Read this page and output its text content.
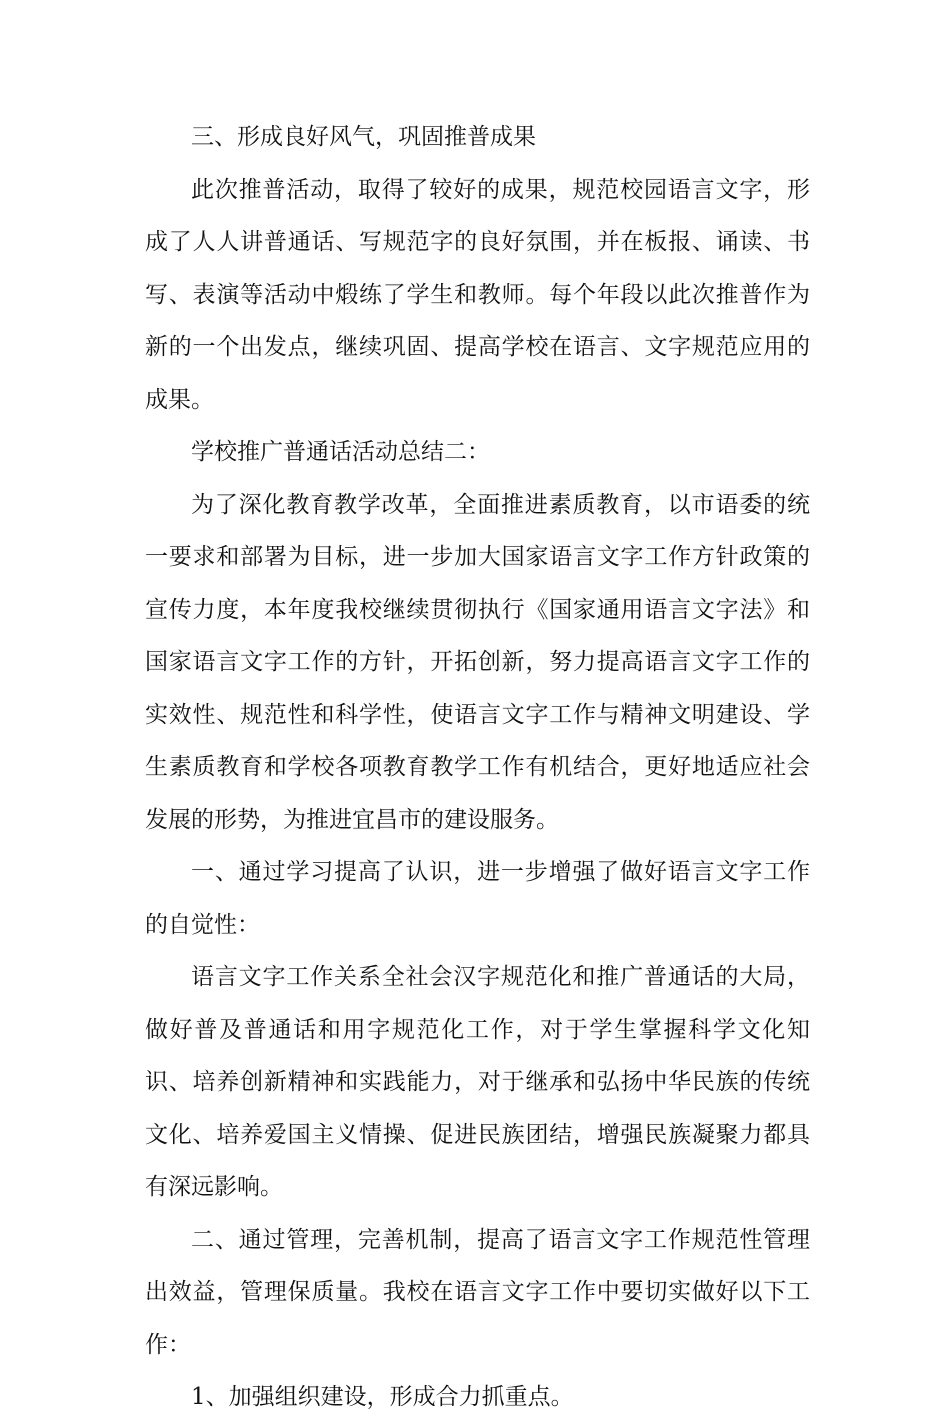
三、形成良好风气，巩固推普成果

此次推普活动，取得了较好的成果，规范校园语言文字，形成了人人讲普通话、写规范字的良好氛围，并在板报、诵读、书写、表演等活动中煅练了学生和教师。每个年段以此次推普作为新的一个出发点，继续巩固、提高学校在语言、文字规范应用的成果。

学校推广普通话活动总结二：

为了深化教育教学改革，全面推进素质教育，以市语委的统一要求和部署为目标，进一步加大国家语言文字工作方针政策的宣传力度，本年度我校继续贯彻执行《国家通用语言文字法》和国家语言文字工作的方针，开拓创新，努力提高语言文字工作的实效性、规范性和科学性，使语言文字工作与精神文明建设、学生素质教育和学校各项教育教学工作有机结合，更好地适应社会发展的形势，为推进宜昌市的建设服务。

一、通过学习提高了认识，进一步增强了做好语言文字工作的自觉性：

语言文字工作关系全社会汉字规范化和推广普通话的大局，做好普及普通话和用字规范化工作，对于学生掌握科学文化知识、培养创新精神和实践能力，对于继承和弘扬中华民族的传统文化、培养爱国主义情操、促进民族团结，增强民族凝聚力都具有深远影响。

二、通过管理，完善机制，提高了语言文字工作规范性管理出效益，管理保质量。我校在语言文字工作中要切实做好以下工作：

1、加强组织建设，形成合力抓重点。
